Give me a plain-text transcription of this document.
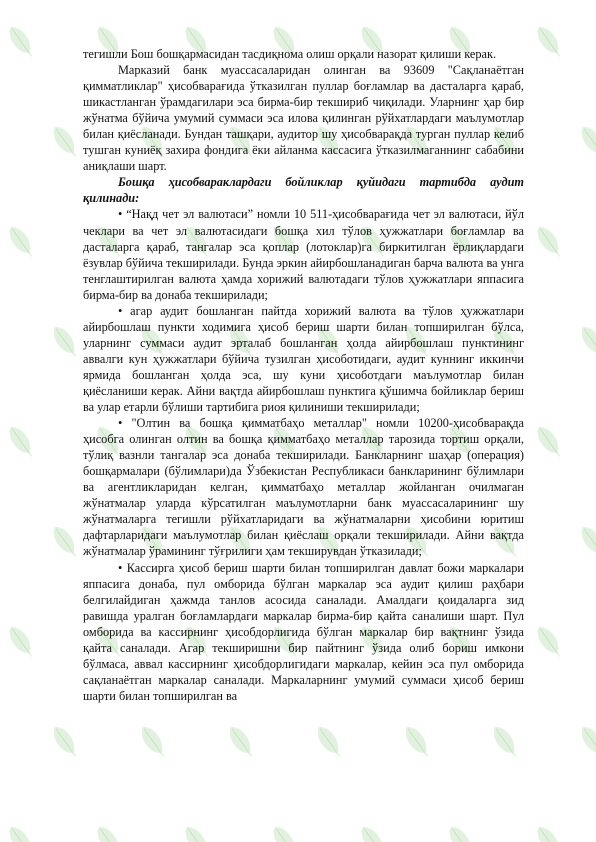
тегишли Бош бошқармасидан тасдиқнома олиш орқали назорат қилиши керак.

Марказий банк муассасаларидан олинган ва 93609 "Сақланаётган қимматликлар" ҳисобварағида ўтказилган пуллар боғламлар ва дасталарга қараб, шикастланган ўрамдагилари эса бирма-бир текшириб чиқилади. Уларнинг ҳар бир жўнатма бўйича умумий суммаси эса илова қилинган рўйхатлардаги маълумотлар билан қиёсланади. Бундан ташқари, аудитор шу ҳисобварақда турган пуллар келиб тушган куниёқ захира фондига ёки айланма кассасига ўтказилмаганнинг сабабини аниқлаши шарт.

Бошқа ҳисобвараклардаги бойликлар қуйидаги тартибда аудит қилинади:

• “Нақд чет эл валютаси” номли 10 511-ҳисобварағида чет эл валютаси, йўл чеклари ва чет эл валютасидаги бошқа хил тўлов ҳужжатлари боғламлар ва дасталарга қараб, тангалар эса қоплар (лотоклар)га биркитилган ёрлиқлардаги ёзувлар бўйича текширилади. Бунда эркин айирбошланадиган барча валюта ва унга тенглаштирилган валюта ҳамда хорижий валютадаги тўлов ҳужжатлари яппасига бирма-бир ва донаба текширилади;

• агар аудит бошланган пайтда хорижий валюта ва тўлов ҳужжатлари айирбошлаш пункти ходимига ҳисоб бериш шарти билан топширилган бўлса, уларнинг суммаси аудит эрталаб бошланган ҳолда айирбошлаш пунктининг аввалги кун ҳужжатлари бўйича тузилган ҳисоботидаги, аудит куннинг иккинчи ярмида бошланган ҳолда эса, шу куни ҳисоботдаги маълумотлар билан қиёсланиши керак. Айни вақтда айирбошлаш пунктига қўшимча бойликлар бериш ва улар етарли бўлиши тартибига риоя қилиниши текширилади;

• "Олтин ва бошқа қимматбаҳо металлар" номли 10200-ҳисобварақда ҳисобга олинган олтин ва бошқа қимматбаҳо металлар тарозида тортиш орқали, тўлиқ вазнли тангалар эса донаба текширилади. Банкларнинг шаҳар (операция) бошқармалари (бўлимлари)да Ўзбекистан Республикаси банкларининг бўлимлари ва агентликларидан келган, қимматбаҳо металлар жойланган очилмаган жўнатмалар уларда кўрсатилган маълумотларни банк муассасаларининг шу жўнатмаларга тегишли рўйхатларидаги ва жўнатмаларни ҳисобини юритиш дафтарларидаги маълумотлар билан қиёслаш орқали текширилади. Айни вақтда жўнатмалар ўрамининг тўғрилиги ҳам текширувдан ўтказилади;

• Кассирга ҳисоб бериш шарти билан топширилган давлат божи маркалари яппасига донаба, пул омборида бўлган маркалар эса аудит қилиш раҳбари белгилайдиган ҳажмда танлов асосида саналади. Амалдаги қоидаларга зид равишда уралган боғламлардаги маркалар бирма-бир қайта саналиши шарт. Пул омборида ва кассирнинг ҳисобдорлигида бўлган маркалар бир вақтнинг ўзида қайта саналади. Агар текширишни бир пайтнинг ўзида олиб бориш имкони бўлмаса, аввал кассирнинг ҳисобдорлигидаги маркалар, кейин эса пул омборида сақланаётган маркалар саналади. Маркаларнинг умумий суммаси ҳисоб бериш шарти билан топширилган ва
